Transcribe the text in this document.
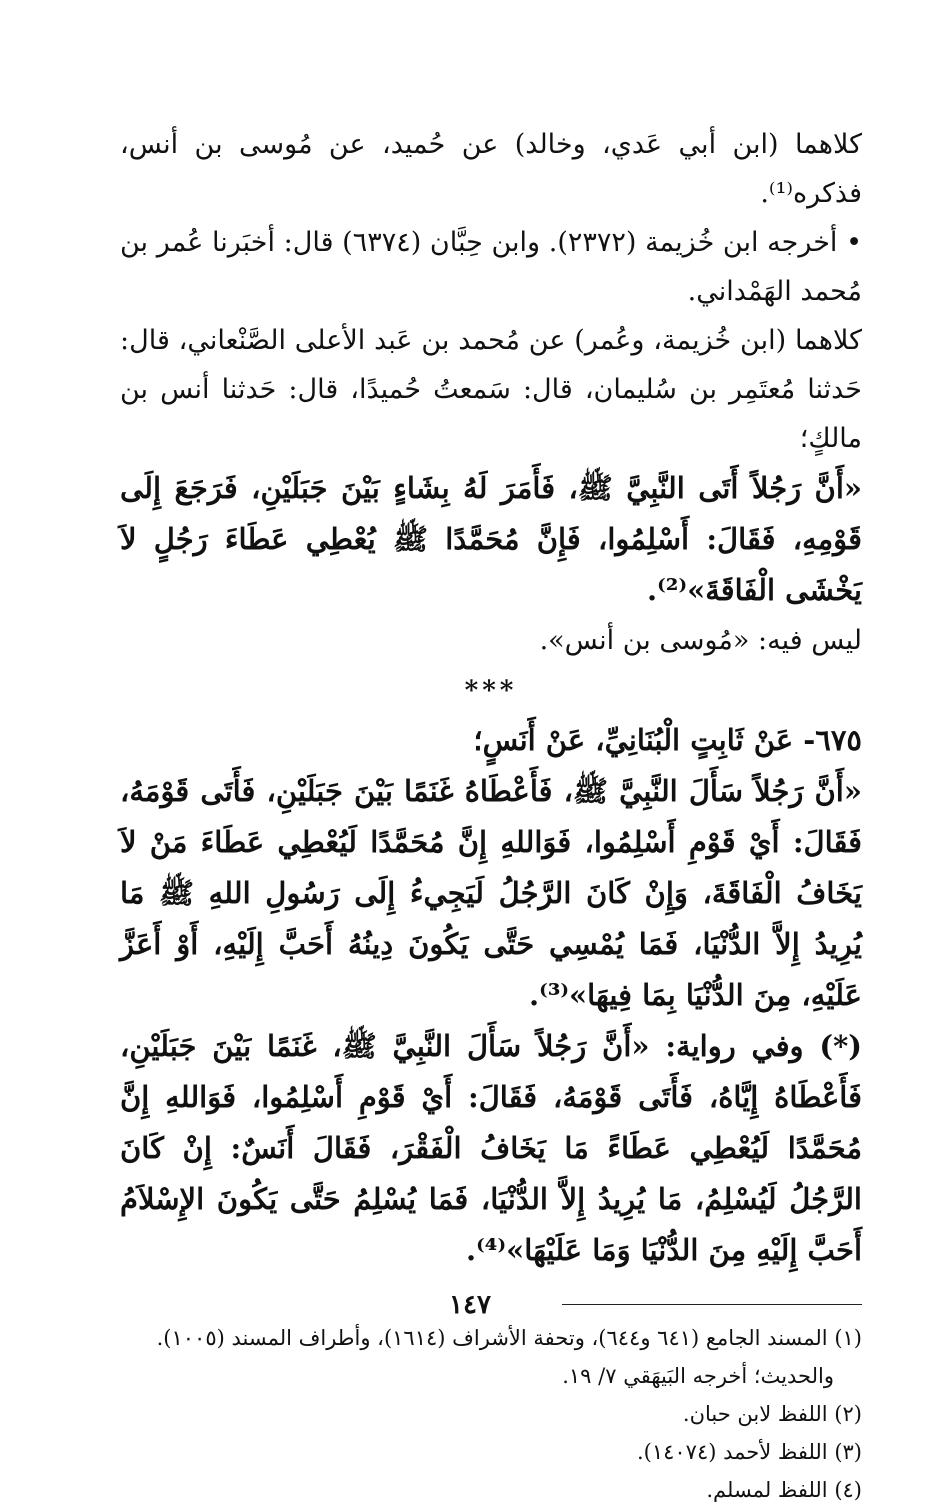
كلاهما (ابن أبي عَدي، وخالد) عن حُميد، عن مُوسى بن أنس، فذكره⁽¹⁾.

• أخرجه ابن خُزيمة (٢٣٧٢). وابن حِبَّان (٦٣٧٤) قال: أخبَرنا عُمر بن مُحمد الهَمْداني.

كلاهما (ابن خُزيمة، وعُمر) عن مُحمد بن عَبد الأعلى الصَّنْعاني، قال: حَدثنا مُعتَمِر بن سُليمان، قال: سَمعتُ حُميدًا، قال: حَدثنا أنس بن مالكٍ؛

«أَنَّ رَجُلاً أَتَى النَّبِيَّ ﷺ، فَأَمَرَ لَهُ بِشَاءٍ بَيْنَ جَبَلَيْنِ، فَرَجَعَ إِلَى قَوْمِهِ، فَقَالَ: أَسْلِمُوا، فَإِنَّ مُحَمَّدًا ﷺ يُعْطِي عَطَاءَ رَجُلٍ لاَ يَخْشَى الْفَاقَةَ»⁽²⁾.

ليس فيه: «مُوسى بن أنس».

***

٦٧٥- عَنْ ثَابِتٍ الْبُنَانِيِّ، عَنْ أَنَسٍ؛

«أَنَّ رَجُلاً سَأَلَ النَّبِيَّ ﷺ، فَأَعْطَاهُ غَنَمًا بَيْنَ جَبَلَيْنِ، فَأَتَى قَوْمَهُ، فَقَالَ: أَيْ قَوْمِ أَسْلِمُوا، فَوَاللهِ إِنَّ مُحَمَّدًا لَيُعْطِي عَطَاءَ مَنْ لاَ يَخَافُ الْفَاقَةَ، وَإِنْ كَانَ الرَّجُلُ لَيَجِيءُ إِلَى رَسُولِ اللهِ ﷺ مَا يُرِيدُ إِلاَّ الدُّنْيَا، فَمَا يُمْسِي حَتَّى يَكُونَ دِينُهُ أَحَبَّ إِلَيْهِ، أَوْ أَعَزَّ عَلَيْهِ، مِنَ الدُّنْيَا بِمَا فِيهَا»⁽³⁾.

(*) وفي رواية: «أَنَّ رَجُلاً سَأَلَ النَّبِيَّ ﷺ، غَنَمًا بَيْنَ جَبَلَيْنِ، فَأَعْطَاهُ إِيَّاهُ، فَأَتَى قَوْمَهُ، فَقَالَ: أَيْ قَوْمِ أَسْلِمُوا، فَوَاللهِ إِنَّ مُحَمَّدًا لَيُعْطِي عَطَاءً مَا يَخَافُ الْفَقْرَ، فَقَالَ أَنَسٌ: إِنْ كَانَ الرَّجُلُ لَيُسْلِمُ، مَا يُرِيدُ إِلاَّ الدُّنْيَا، فَمَا يُسْلِمُ حَتَّى يَكُونَ الإِسْلاَمُ أَحَبَّ إِلَيْهِ مِنَ الدُّنْيَا وَمَا عَلَيْهَا»⁽⁴⁾.

(١) المسند الجامع (٦٤١ و٦٤٤)، وتحفة الأشراف (١٦١٤)، وأطراف المسند (١٠٠٥).

والحديث؛ أخرجه البَيهَقي ٧/ ١٩.

(٢) اللفظ لابن حبان.

(٣) اللفظ لأحمد (١٤٠٧٤).

(٤) اللفظ لمسلم.

١٤٧
